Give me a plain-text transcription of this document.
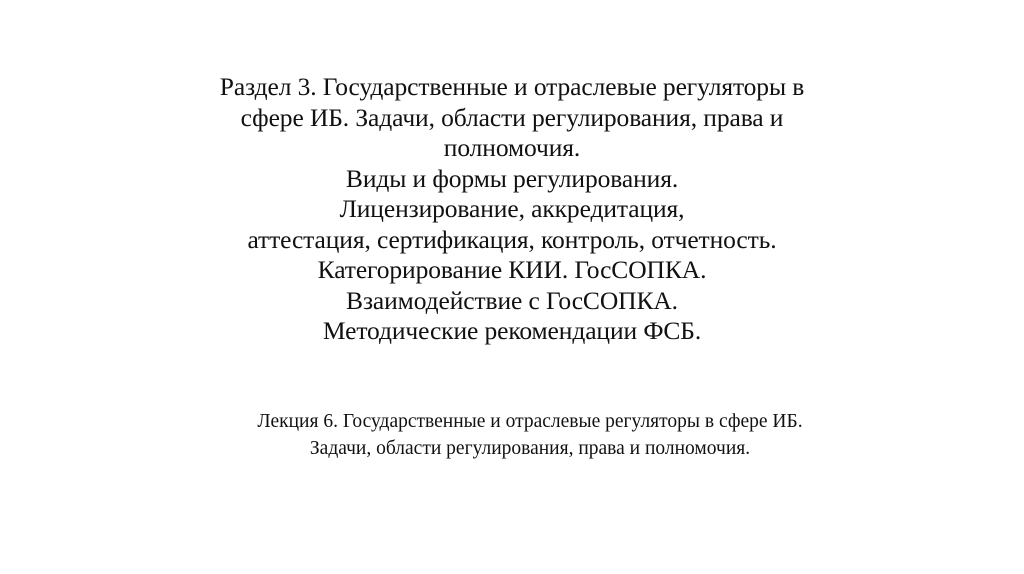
Раздел 3. Государственные и отраслевые регуляторы в
сфере ИБ. Задачи, области регулирования, права и
полномочия.
Виды и формы регулирования.
Лицензирование, аккредитация,
аттестация, сертификация, контроль, отчетность.
Категорирование КИИ. ГосСОПКА.
Взаимодействие с ГосСОПКА.
Методические рекомендации ФСБ.
Лекция 6. Государственные и отраслевые регуляторы в сфере ИБ.
Задачи, области регулирования, права и полномочия.
